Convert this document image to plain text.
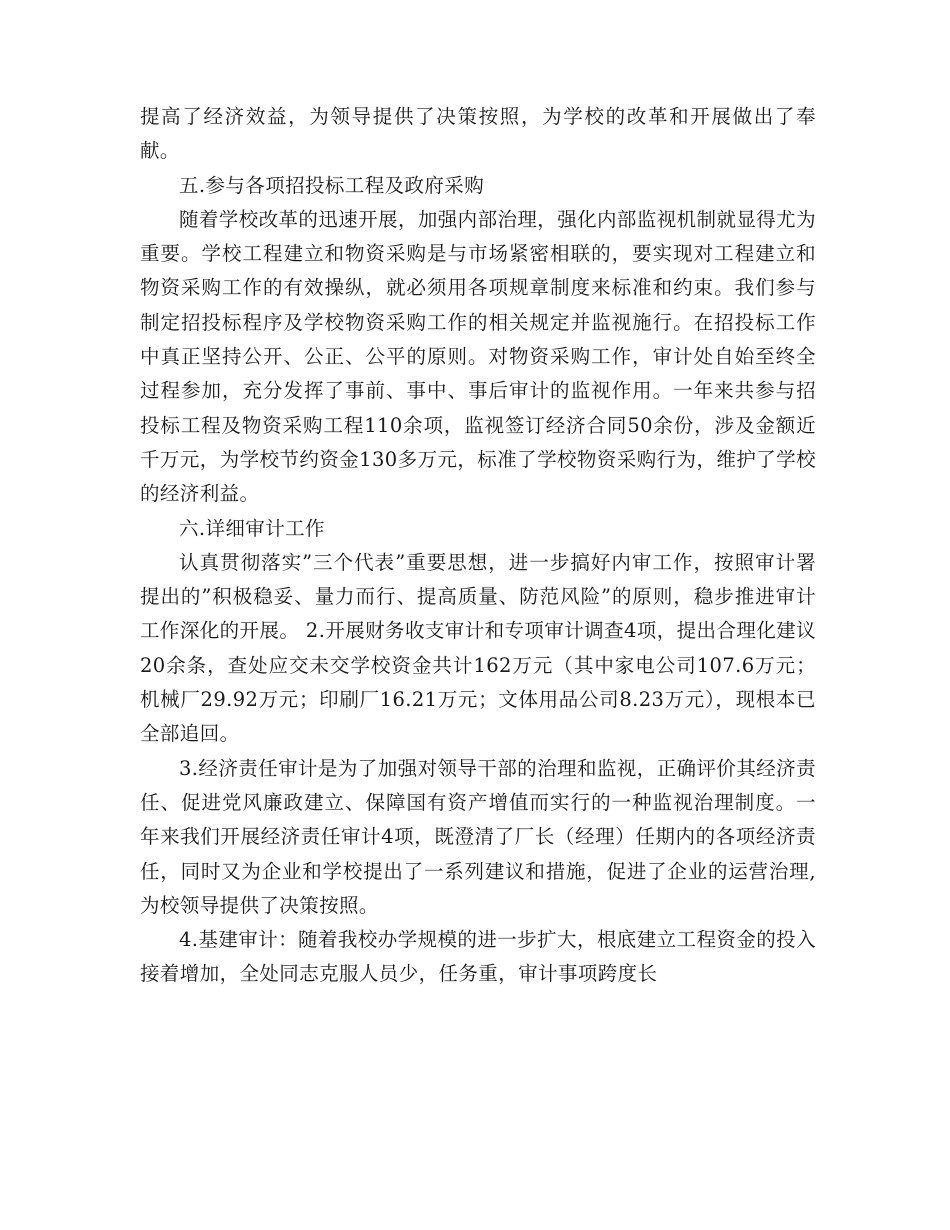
提高了经济效益，为领导提供了决策按照，为学校的改革和开展做出了奉献。

五.参与各项招投标工程及政府采购

随着学校改革的迅速开展，加强内部治理，强化内部监视机制就显得尤为重要。学校工程建立和物资采购是与市场紧密相联的，要实现对工程建立和物资采购工作的有效操纵，就必须用各项规章制度来标准和约束。我们参与制定招投标程序及学校物资采购工作的相关规定并监视施行。在招投标工作中真正坚持公开、公正、公平的原则。对物资采购工作，审计处自始至终全过程参加，充分发挥了事前、事中、事后审计的监视作用。一年来共参与招投标工程及物资采购工程110余项，监视签订经济合同50余份，涉及金额近千万元，为学校节约资金130多万元，标准了学校物资采购行为，维护了学校的经济利益。

六.详细审计工作

认真贯彻落实”三个代表”重要思想，进一步搞好内审工作，按照审计署提出的”积极稳妥、量力而行、提高质量、防范风险”的原则，稳步推进审计工作深化的开展。 2.开展财务收支审计和专项审计调查4项，提出合理化建议20余条，查处应交未交学校资金共计162万元（其中家电公司107.6万元；机械厂29.92万元；印刷厂16.21万元；文体用品公司8.23万元），现根本已全部追回。

3.经济责任审计是为了加强对领导干部的治理和监视，正确评价其经济责任、促进党风廉政建立、保障国有资产增值而实行的一种监视治理制度。一年来我们开展经济责任审计4项，既澄清了厂长（经理）任期内的各项经济责任，同时又为企业和学校提出了一系列建议和措施，促进了企业的运营治理,为校领导提供了决策按照。

4.基建审计：随着我校办学规模的进一步扩大，根底建立工程资金的投入接着增加，全处同志克服人员少，任务重，审计事项跨度长
